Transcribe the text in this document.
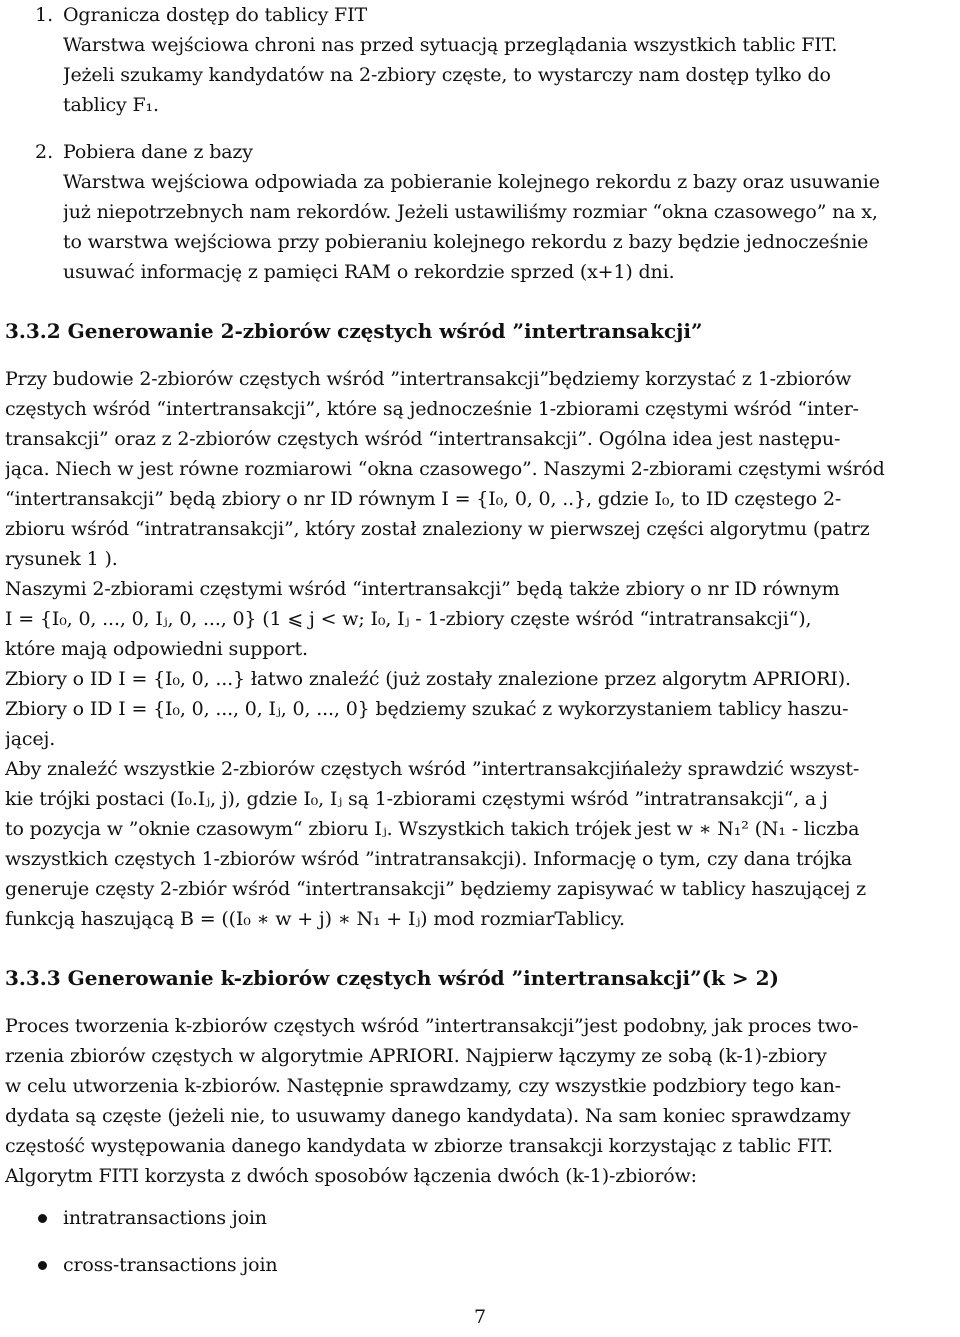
1. Ogranicza dostęp do tablicy FIT
Warstwa wejściowa chroni nas przed sytuacją przeglądania wszystkich tablic FIT.
Jeżeli szukamy kandydatów na 2-zbiory częste, to wystarczy nam dostęp tylko do
tablicy F₁.
2. Pobiera dane z bazy
Warstwa wejściowa odpowiada za pobieranie kolejnego rekordu z bazy oraz usuwanie
już niepotrzebnych nam rekordów. Jeżeli ustawiliśmy rozmiar “okna czasowego” na x,
to warstwa wejściowa przy pobieraniu kolejnego rekordu z bazy będzie jednocześnie
usuwać informację z pamięci RAM o rekordzie sprzed (x+1) dni.
3.3.2 Generowanie 2-zbiorów częstych wśród ”intertransakcji”
Przy budowie 2-zbiorów częstych wśród ”intertransakcji”będziemy korzystać z 1-zbiorów
częstych wśród “intertransakcji”, które są jednocześnie 1-zbiorami częstymi wśród “inter-
transakcji” oraz z 2-zbiorów częstych wśród “intertransakcji”. Ogólna idea jest następu-
jąca. Niech w jest równe rozmiarowi “okna czasowego”. Naszymi 2-zbiorami częstymi wśród
“intertransakcji” będą zbiory o nr ID równym I = {I₀, 0, 0, ..}, gdzie I₀, to ID częstego 2-
zbioru wśród “intratransakcji”, który został znaleziony w pierwszej części algorytmu (patrz
rysunek 1 ).
Naszymi 2-zbiorami częstymi wśród “intertransakcji” będą także zbiory o nr ID równym
I = {I₀, 0, ..., 0, Iⱼ, 0, ..., 0} (1 ⩽ j < w; I₀, Iⱼ - 1-zbiory częste wśród “intratransakcji“),
które mają odpowiedni support.
Zbiory o ID I = {I₀, 0, ...} łatwo znaleźć (już zostały znalezione przez algorytm APRIORI).
Zbiory o ID I = {I₀, 0, ..., 0, Iⱼ, 0, ..., 0} będziemy szukać z wykorzystaniem tablicy haszu-
jącej.
Aby znaleźć wszystkie 2-zbiorów częstych wśród ”intertransakcjińależy sprawdzić wszyst-
kie trójki postaci (I₀.Iⱼ, j), gdzie I₀, Iⱼ są 1-zbiorami częstymi wśród ”intratransakcji“, a j
to pozycja w ”oknie czasowym“ zbioru Iⱼ. Wszystkich takich trójek jest w ∗ N₁² (N₁ - liczba
wszystkich częstych 1-zbiorów wśród ”intratransakcji). Informację o tym, czy dana trójka
generuje częsty 2-zbiór wśród “intertransakcji” będziemy zapisywać w tablicy haszującej z
funkcją haszującą B = ((I₀ ∗ w + j) ∗ N₁ + Iⱼ) mod rozmiarTablicy.
3.3.3 Generowanie k-zbiorów częstych wśród ”intertransakcji”(k > 2)
Proces tworzenia k-zbiorów częstych wśród ”intertransakcji”jest podobny, jak proces two-
rzenia zbiorów częstych w algorytmie APRIORI. Najpierw łączymy ze sobą (k-1)-zbiory
w celu utworzenia k-zbiorów. Następnie sprawdzamy, czy wszystkie podzbiory tego kan-
dydata są częste (jeżeli nie, to usuwamy danego kandydata). Na sam koniec sprawdzamy
częstość występowania danego kandydata w zbiorze transakcji korzystając z tablic FIT.
Algorytm FITI korzysta z dwóch sposobów łączenia dwóch (k-1)-zbiorów:
intratransactions join
cross-transactions join
7
